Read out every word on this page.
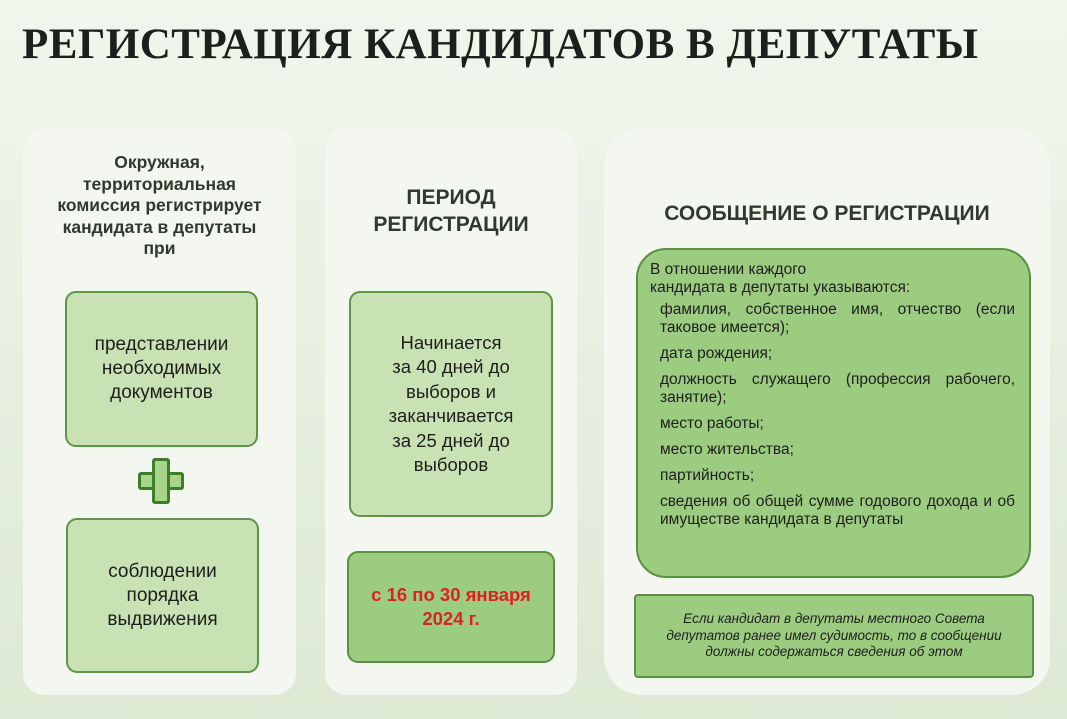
РЕГИСТРАЦИЯ КАНДИДАТОВ В ДЕПУТАТЫ
Окружная,
территориальная
комиссия регистрирует
кандидата в депутаты
при
представлении
необходимых
документов
соблюдении
порядка
выдвижения
ПЕРИОД
РЕГИСТРАЦИИ
Начинается
за 40 дней до
выборов и
заканчивается
за 25 дней до
выборов
с 16 по 30 января
2024 г.
СООБЩЕНИЕ О РЕГИСТРАЦИИ
В отношении каждого
кандидата в депутаты указываются:
фамилия, собственное имя, отчество (если таковое имеется);
дата рождения;
должность служащего (профессия рабочего, занятие);
место работы;
место жительства;
партийность;
сведения об общей сумме годового дохода и об имуществе кандидата в депутаты
Если кандидат в депутаты местного Совета депутатов ранее имел судимость, то в сообщении должны содержаться сведения об этом
